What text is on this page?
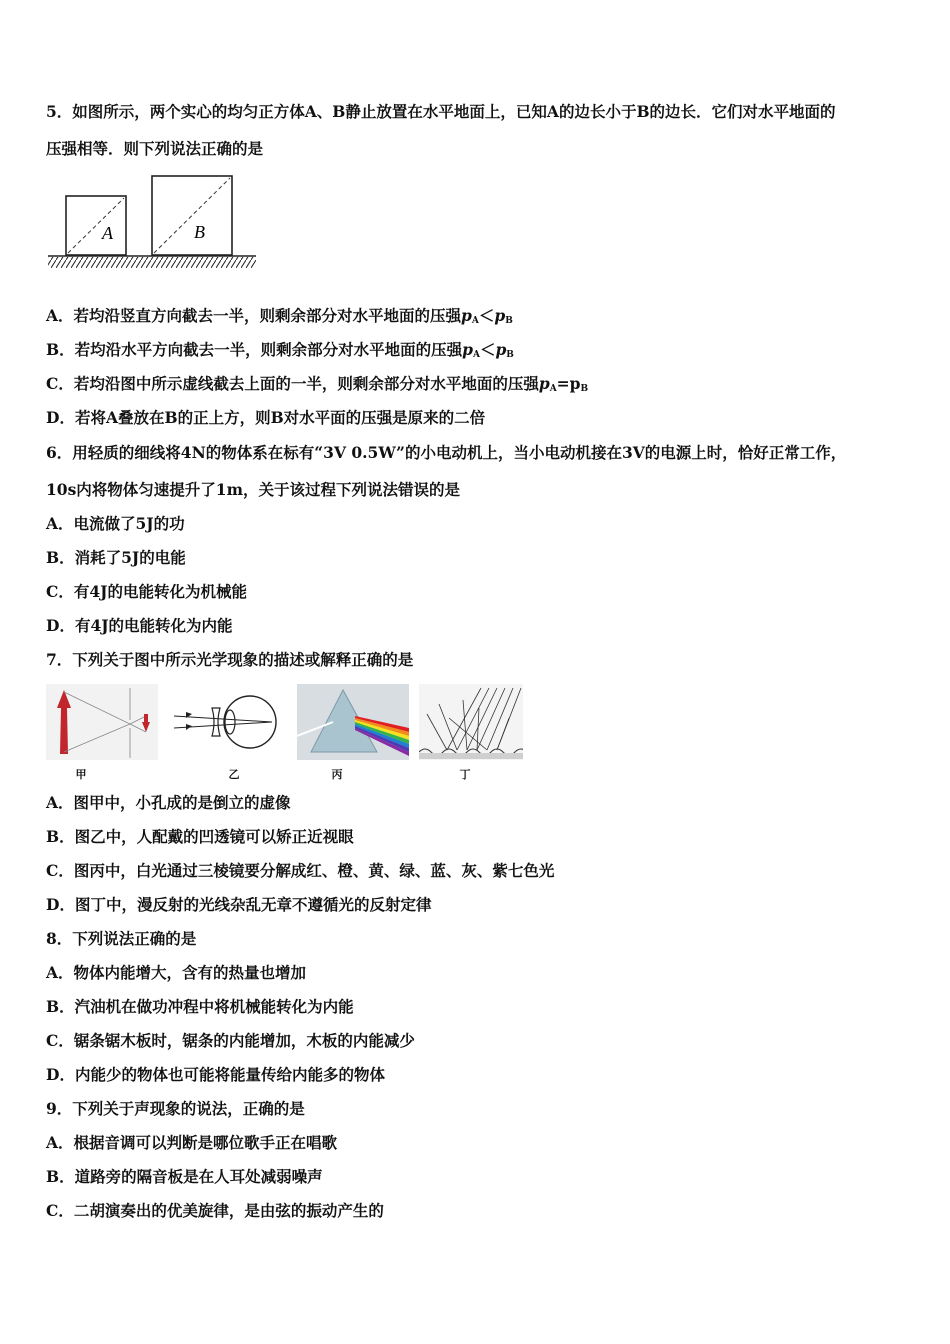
5．如图所示，两个实心的均匀正方体A、B静止放置在水平地面上，已知A的边长小于B的边长．它们对水平地面的
压强相等．则下列说法正确的是
A	B
A．若均沿竖直方向截去一半，则剩余部分对水平地面的压强$p_A<p_B$
B．若均沿水平方向截去一半，则剩余部分对水平地面的压强$p_A<p_B$
C．若均沿图中所示虚线截去上面的一半，则剩余部分对水平地面的压强$p_A=p_B$
D．若将A叠放在B的正上方，则B对水平面的压强是原来的二倍
6．用轻质的细线将4N的物体系在标有“3V 0.5W”的小电动机上，当小电动机接在3V的电源上时，恰好正常工作，
10s内将物体匀速提升了1m，关于该过程下列说法错误的是
A．电流做了5J的功
B．消耗了5J的电能
C．有4J的电能转化为机械能
D．有4J的电能转化为内能
7．下列关于图中所示光学现象的描述或解释正确的是
甲	乙	丙	丁
A．图甲中，小孔成的是倒立的虚像
B．图乙中，人配戴的凹透镜可以矫正近视眼
C．图丙中，白光通过三棱镜要分解成红、橙、黄、绿、蓝、灰、紫七色光
D．图丁中，漫反射的光线杂乱无章不遵循光的反射定律
8．下列说法正确的是
A．物体内能增大，含有的热量也增加
B．汽油机在做功冲程中将机械能转化为内能
C．锯条锯木板时，锯条的内能增加，木板的内能减少
D．内能少的物体也可能将能量传给内能多的物体
9．下列关于声现象的说法，正确的是
A．根据音调可以判断是哪位歌手正在唱歌
B．道路旁的隔音板是在人耳处减弱噪声
C．二胡演奏出的优美旋律，是由弦的振动产生的
